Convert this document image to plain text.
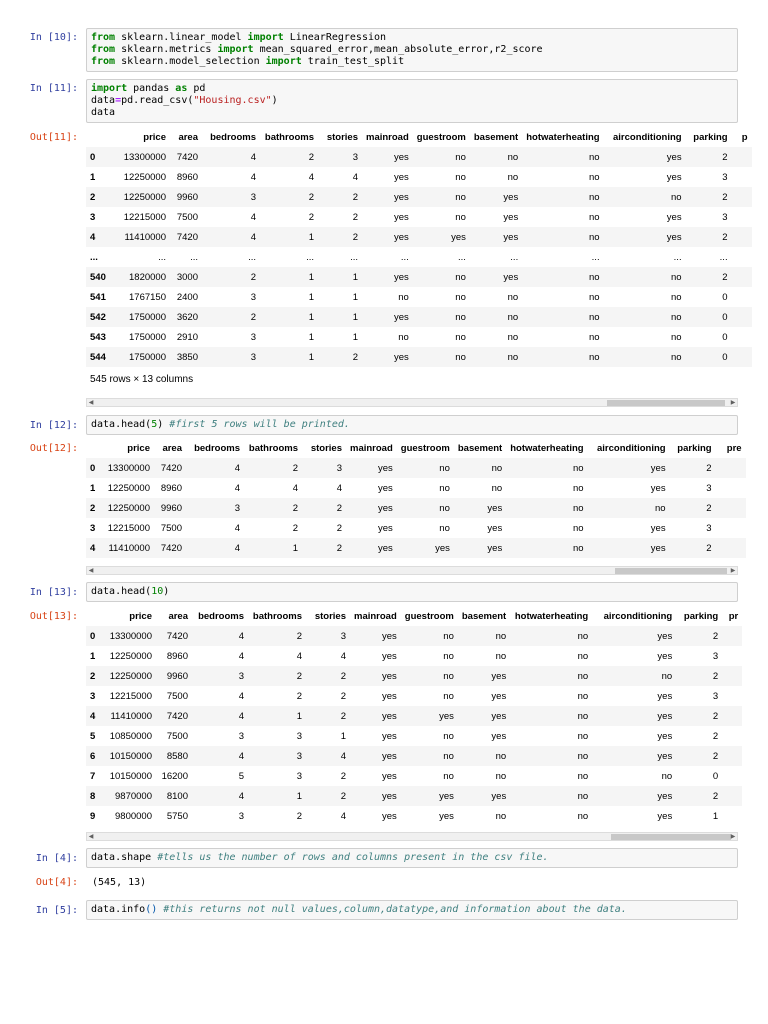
In [10]: from sklearn.linear_model import LinearRegression
from sklearn.metrics import mean_squared_error,mean_absolute_error,r2_score
from sklearn.model_selection import train_test_split
In [11]: import pandas as pd
data=pd.read_csv("Housing.csv")
data
Out[11]:
		price	area	bedrooms	bathrooms	stories	mainroad	guestroom	basement	hotwaterheating	airconditioning	parking	p
0	13300000	7420	4	2	3	yes	no	no	no	yes	2	
1	12250000	8960	4	4	4	yes	no	no	no	yes	3	
2	12250000	9960	3	2	2	yes	no	yes	no	no	2	
3	12215000	7500	4	2	2	yes	no	yes	no	yes	3	
4	11410000	7420	4	1	2	yes	yes	yes	no	yes	2	
...	...	...	...	...	...	...	...	...	...	...	...	
540	1820000	3000	2	1	1	yes	no	yes	no	no	2	
541	1767150	2400	3	1	1	no	no	no	no	no	0	
542	1750000	3620	2	1	1	yes	no	no	no	no	0	
543	1750000	2910	3	1	1	no	no	no	no	no	0	
544	1750000	3850	3	1	2	yes	no	no	no	no	0	
545 rows × 13 columns
◀	▶
In [12]: data.head(5) #first 5 rows will be printed.
Out[12]:
		price	area	bedrooms	bathrooms	stories	mainroad	guestroom	basement	hotwaterheating	airconditioning	parking	pre
0	13300000	7420	4	2	3	yes	no	no	no	yes	2	
1	12250000	8960	4	4	4	yes	no	no	no	yes	3	
2	12250000	9960	3	2	2	yes	no	yes	no	no	2	
3	12215000	7500	4	2	2	yes	no	yes	no	yes	3	
4	11410000	7420	4	1	2	yes	yes	yes	no	yes	2	
◀	▶
In [13]: data.head(10)
Out[13]:
		price	area	bedrooms	bathrooms	stories	mainroad	guestroom	basement	hotwaterheating	airconditioning	parking	pr
0	13300000	7420	4	2	3	yes	no	no	no	yes	2	
1	12250000	8960	4	4	4	yes	no	no	no	yes	3	
2	12250000	9960	3	2	2	yes	no	yes	no	no	2	
3	12215000	7500	4	2	2	yes	no	yes	no	yes	3	
4	11410000	7420	4	1	2	yes	yes	yes	no	yes	2	
5	10850000	7500	3	3	1	yes	no	yes	no	yes	2	
6	10150000	8580	4	3	4	yes	no	no	no	yes	2	
7	10150000	16200	5	3	2	yes	no	no	no	no	0	
8	9870000	8100	4	1	2	yes	yes	yes	no	yes	2	
9	9800000	5750	3	2	4	yes	yes	no	no	yes	1	
◀	▶
In [4]: data.shape #tells us the number of rows and columns present in the csv file.
Out[4]: (545, 13)
In [5]: data.info() #this returns not null values,column,datatype,and information about the data.
